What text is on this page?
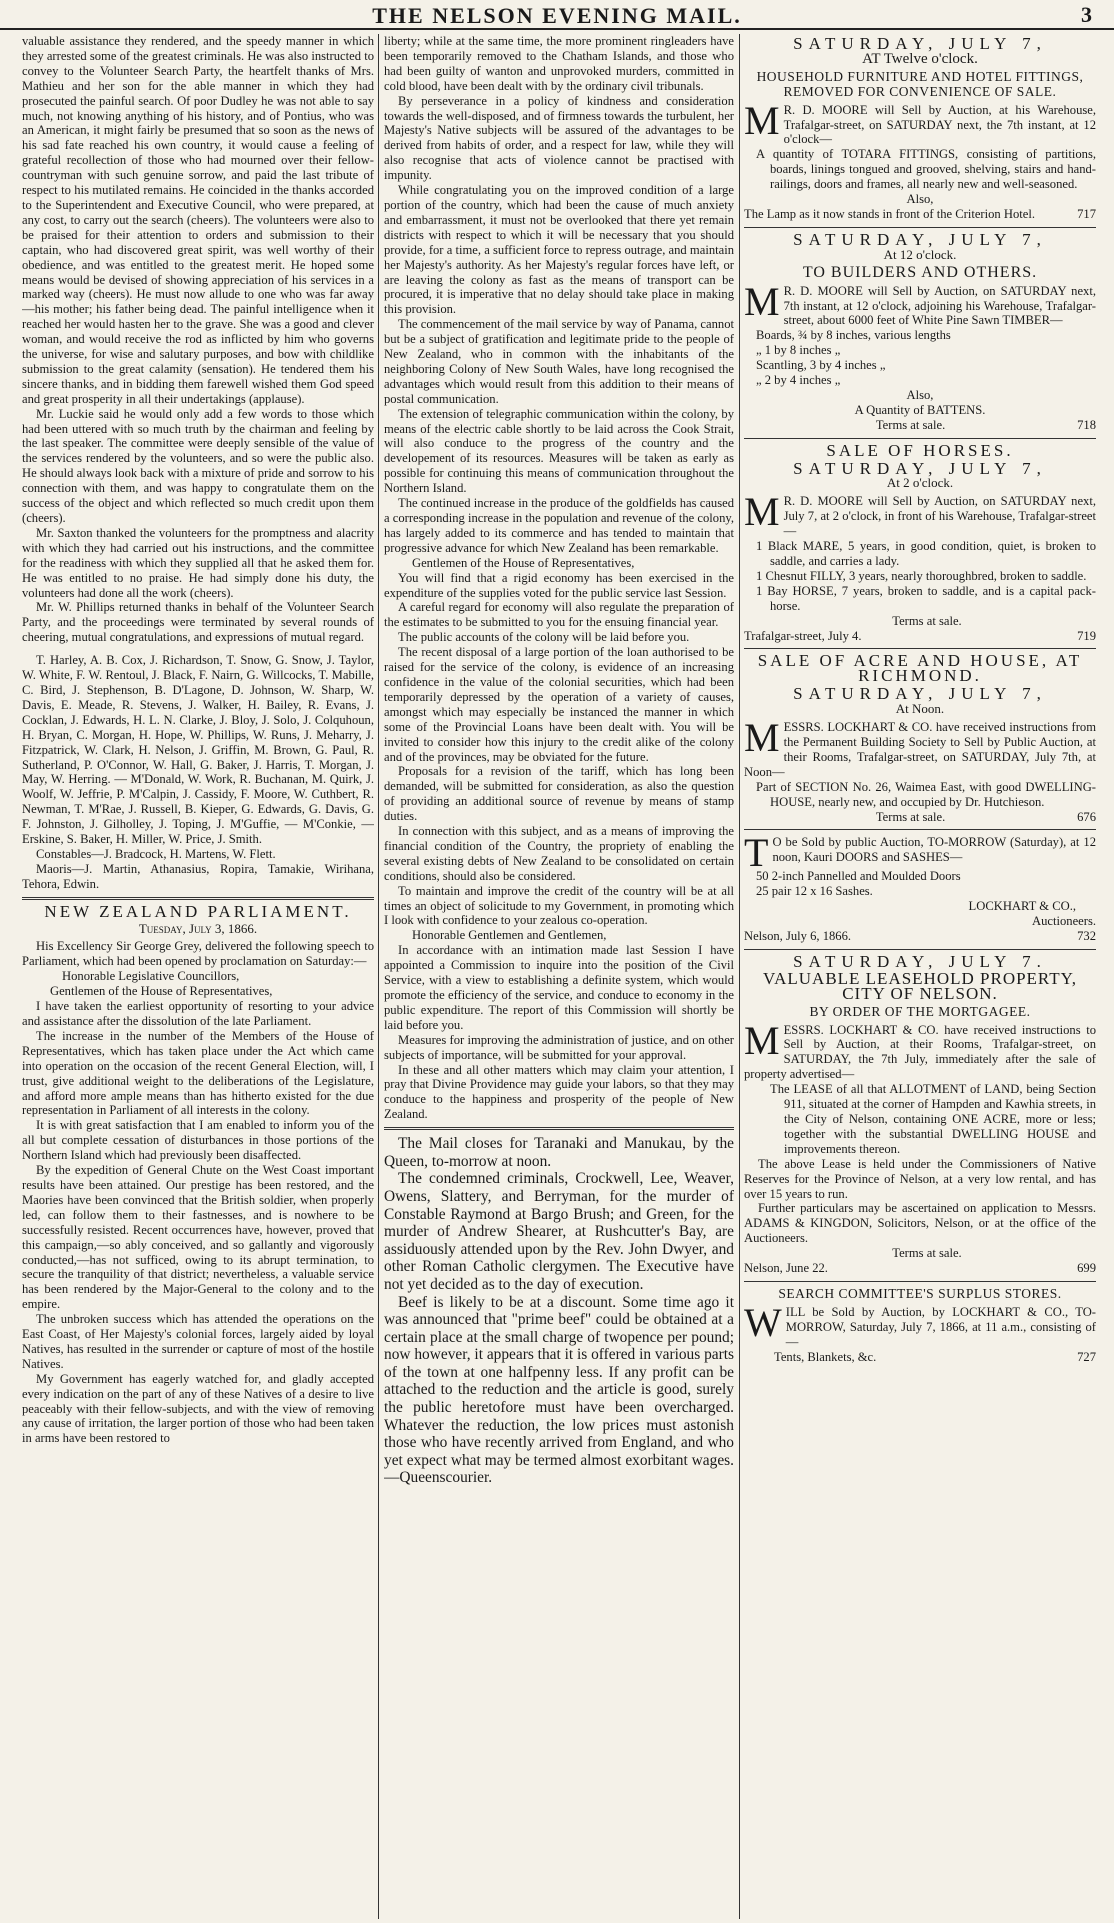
THE NELSON EVENING MAIL.	3

valuable assistance they rendered, and the speedy manner in which they arrested some of the greatest criminals. He was also instructed to convey to the Volunteer Search Party, the heartfelt thanks of Mrs. Mathieu and her son for the able manner in which they had prosecuted the painful search. Of poor Dudley he was not able to say much, not knowing anything of his history, and of Pontius, who was an American, it might fairly be presumed that so soon as the news of his sad fate reached his own country, it would cause a feeling of grateful recollection of those who had mourned over their fellow-countryman with such genuine sorrow, and paid the last tribute of respect to his mutilated remains. He coincided in the thanks accorded to the Superintendent and Executive Council, who were prepared, at any cost, to carry out the search (cheers). The volunteers were also to be praised for their attention to orders and submission to their captain, who had discovered great spirit, was well worthy of their obedience, and was entitled to the greatest merit. He hoped some means would be devised of showing appreciation of his services in a marked way (cheers). He must now allude to one who was far away—his mother; his father being dead. The painful intelligence when it reached her would hasten her to the grave. She was a good and clever woman, and would receive the rod as inflicted by him who governs the universe, for wise and salutary purposes, and bow with childlike submission to the great calamity (sensation). He tendered them his sincere thanks, and in bidding them farewell wished them God speed and great prosperity in all their undertakings (applause).

Mr. Luckie said he would only add a few words to those which had been uttered with so much truth by the chairman and feeling by the last speaker. The committee were deeply sensible of the value of the services rendered by the volunteers, and so were the public also. He should always look back with a mixture of pride and sorrow to his connection with them, and was happy to congratulate them on the success of the object and which reflected so much credit upon them (cheers).

Mr. Saxton thanked the volunteers for the promptness and alacrity with which they had carried out his instructions, and the committee for the readiness with which they supplied all that he asked them for. He was entitled to no praise. He had simply done his duty, the volunteers had done all the work (cheers).

Mr. W. Phillips returned thanks in behalf of the Volunteer Search Party, and the proceedings were terminated by several rounds of cheering, mutual congratulations, and expressions of mutual regard.

T. Harley, A. B. Cox, J. Richardson, T. Snow, G. Snow, J. Taylor, W. White, F. W. Rentoul, J. Black, F. Nairn, G. Willcocks, T. Mabille, C. Bird, J. Stephenson, B. D'Lagone, D. Johnson, W. Sharp, W. Davis, E. Meade, R. Stevens, J. Walker, H. Bailey, R. Evans, J. Cocklan, J. Edwards, H. L. N. Clarke, J. Bloy, J. Solo, J. Colquhoun, H. Bryan, C. Morgan, H. Hope, W. Phillips, W. Runs, J. Meharry, J. Fitzpatrick, W. Clark, H. Nelson, J. Griffin, M. Brown, G. Paul, R. Sutherland, P. O'Connor, W. Hall, G. Baker, J. Harris, T. Morgan, J. May, W. Herring. — M'Donald, W. Work, R. Buchanan, M. Quirk, J. Woolf, W. Jeffrie, P. M'Calpin, J. Cassidy, F. Moore, W. Cuthbert, R. Newman, T. M'Rae, J. Russell, B. Kieper, G. Edwards, G. Davis, G. F. Johnston, J. Gilholley, J. Toping, J. M'Guffie, — M'Conkie, — Erskine, S. Baker, H. Miller, W. Price, J. Smith.

Constables—J. Bradcock, H. Martens, W. Flett.

Maoris—J. Martin, Athanasius, Ropira, Tamakie, Wirihana, Tehora, Edwin.

NEW ZEALAND PARLIAMENT.
Tuesday, July 3, 1866.

His Excellency Sir George Grey, delivered the following speech to Parliament, which had been opened by proclamation on Saturday:—

Honorable Legislative Councillors,

Gentlemen of the House of Representatives,

I have taken the earliest opportunity of resorting to your advice and assistance after the dissolution of the late Parliament.

The increase in the number of the Members of the House of Representatives, which has taken place under the Act which came into operation on the occasion of the recent General Election, will, I trust, give additional weight to the deliberations of the Legislature, and afford more ample means than has hitherto existed for the due representation in Parliament of all interests in the colony.

It is with great satisfaction that I am enabled to inform you of the all but complete cessation of disturbances in those portions of the Northern Island which had previously been disaffected.

By the expedition of General Chute on the West Coast important results have been attained. Our prestige has been restored, and the Maories have been convinced that the British soldier, when properly led, can follow them to their fastnesses, and is nowhere to be successfully resisted. Recent occurrences have, however, proved that this campaign,—so ably conceived, and so gallantly and vigorously conducted,—has not sufficed, owing to its abrupt termination, to secure the tranquility of that district; nevertheless, a valuable service has been rendered by the Major-General to the colony and to the empire.

The unbroken success which has attended the operations on the East Coast, of Her Majesty's colonial forces, largely aided by loyal Natives, has resulted in the surrender or capture of most of the hostile Natives.

My Government has eagerly watched for, and gladly accepted every indication on the part of any of these Natives of a desire to live peaceably with their fellow-subjects, and with the view of removing any cause of irritation, the larger portion of those who had been taken in arms have been restored to

liberty; while at the same time, the more prominent ringleaders have been temporarily removed to the Chatham Islands, and those who had been guilty of wanton and unprovoked murders, committed in cold blood, have been dealt with by the ordinary civil tribunals.

By perseverance in a policy of kindness and consideration towards the well-disposed, and of firmness towards the turbulent, her Majesty's Native subjects will be assured of the advantages to be derived from habits of order, and a respect for law, while they will also recognise that acts of violence cannot be practised with impunity.

While congratulating you on the improved condition of a large portion of the country, which had been the cause of much anxiety and embarrassment, it must not be overlooked that there yet remain districts with respect to which it will be necessary that you should provide, for a time, a sufficient force to repress outrage, and maintain her Majesty's authority. As her Majesty's regular forces have left, or are leaving the colony as fast as the means of transport can be procured, it is imperative that no delay should take place in making this provision.

The commencement of the mail service by way of Panama, cannot but be a subject of gratification and legitimate pride to the people of New Zealand, who in common with the inhabitants of the neighboring Colony of New South Wales, have long recognised the advantages which would result from this addition to their means of postal communication.

The extension of telegraphic communication within the colony, by means of the electric cable shortly to be laid across the Cook Strait, will also conduce to the progress of the country and the developement of its resources. Measures will be taken as early as possible for continuing this means of communication throughout the Northern Island.

The continued increase in the produce of the goldfields has caused a corresponding increase in the population and revenue of the colony, has largely added to its commerce and has tended to maintain that progressive advance for which New Zealand has been remarkable.

Gentlemen of the House of Representatives,

You will find that a rigid economy has been exercised in the expenditure of the supplies voted for the public service last Session.

A careful regard for economy will also regulate the preparation of the estimates to be submitted to you for the ensuing financial year.

The public accounts of the colony will be laid before you.

The recent disposal of a large portion of the loan authorised to be raised for the service of the colony, is evidence of an increasing confidence in the value of the colonial securities, which had been temporarily depressed by the operation of a variety of causes, amongst which may especially be instanced the manner in which some of the Provincial Loans have been dealt with. You will be invited to consider how this injury to the credit alike of the colony and of the provinces, may be obviated for the future.

Proposals for a revision of the tariff, which has long been demanded, will be submitted for consideration, as also the question of providing an additional source of revenue by means of stamp duties.

In connection with this subject, and as a means of improving the financial condition of the Country, the propriety of enabling the several existing debts of New Zealand to be consolidated on certain conditions, should also be considered.

To maintain and improve the credit of the country will be at all times an object of solicitude to my Government, in promoting which I look with confidence to your zealous co-operation.

Honorable Gentlemen and Gentlemen,

In accordance with an intimation made last Session I have appointed a Commission to inquire into the position of the Civil Service, with a view to establishing a definite system, which would promote the efficiency of the service, and conduce to economy in the public expenditure. The report of this Commission will shortly be laid before you.

Measures for improving the administration of justice, and on other subjects of importance, will be submitted for your approval.

In these and all other matters which may claim your attention, I pray that Divine Providence may guide your labors, so that they may conduce to the happiness and prosperity of the people of New Zealand.

The Mail closes for Taranaki and Manukau, by the Queen, to-morrow at noon.

The condemned criminals, Crockwell, Lee, Weaver, Owens, Slattery, and Berryman, for the murder of Constable Raymond at Bargo Brush; and Green, for the murder of Andrew Shearer, at Rushcutter's Bay, are assiduously attended upon by the Rev. John Dwyer, and other Roman Catholic clergymen. The Executive have not yet decided as to the day of execution.

Beef is likely to be at a discount. Some time ago it was announced that "prime beef" could be obtained at a certain place at the small charge of twopence per pound; now however, it appears that it is offered in various parts of the town at one halfpenny less. If any profit can be attached to the reduction and the article is good, surely the public heretofore must have been overcharged. Whatever the reduction, the low prices must astonish those who have recently arrived from England, and who yet expect what may be termed almost exorbitant wages.—Queenscourier.

SATURDAY, JULY 7,
AT Twelve o'clock.
HOUSEHOLD FURNITURE AND HOTEL FITTINGS, REMOVED FOR CONVENIENCE OF SALE.

M R. D. MOORE will Sell by Auction, at his Warehouse, Trafalgar-street, on SATURDAY next, the 7th instant, at 12 o'clock—

A quantity of TOTARA FITTINGS, consisting of partitions, boards, linings tongued and grooved, shelving, stairs and hand-railings, doors and frames, all nearly new and well-seasoned.

Also,

The Lamp as it now stands in front of the Criterion Hotel.	717

SATURDAY, JULY 7,
At 12 o'clock.
TO BUILDERS AND OTHERS.

M R. D. MOORE will Sell by Auction, on SATURDAY next, 7th instant, at 12 o'clock, adjoining his Warehouse, Trafalgar-street, about 6000 feet of White Pine Sawn TIMBER—

Boards, ¾ by 8 inches, various lengths

„ 1 by 8 inches „

Scantling, 3 by 4 inches „

„ 2 by 4 inches „

Also,

A Quantity of BATTENS.

Terms at sale.	718

SALE OF HORSES.
SATURDAY, JULY 7,
At 2 o'clock.

M R. D. MOORE will Sell by Auction, on SATURDAY next, July 7, at 2 o'clock, in front of his Warehouse, Trafalgar-street—

1 Black MARE, 5 years, in good condition, quiet, is broken to saddle, and carries a lady.

1 Chesnut FILLY, 3 years, nearly thoroughbred, broken to saddle.

1 Bay HORSE, 7 years, broken to saddle, and is a capital pack-horse.

Terms at sale.

Trafalgar-street, July 4.	719

SALE OF ACRE AND HOUSE, AT RICHMOND.
SATURDAY, JULY 7,
At Noon.

MESSRS. LOCKHART & CO. have received instructions from the Permanent Building Society to Sell by Public Auction, at their Rooms, Trafalgar-street, on SATURDAY, July 7th, at Noon—

Part of SECTION No. 26, Waimea East, with good DWELLING-HOUSE, nearly new, and occupied by Dr. Hutchieson.

Terms at sale.	676

T O be Sold by public Auction, TO-MORROW (Saturday), at 12 noon, Kauri DOORS and SASHES—

50 2-inch Pannelled and Moulded Doors

25 pair 12 x 16 Sashes.

LOCKHART & CO.,

Auctioneers.

Nelson, July 6, 1866.	732

SATURDAY, JULY 7.
VALUABLE LEASEHOLD PROPERTY, CITY OF NELSON.
BY ORDER OF THE MORTGAGEE.

MESSRS. LOCKHART & CO. have received instructions to Sell by Auction, at their Rooms, Trafalgar-street, on SATURDAY, the 7th July, immediately after the sale of property advertised—

The LEASE of all that ALLOTMENT of LAND, being Section 911, situated at the corner of Hampden and Kawhia streets, in the City of Nelson, containing ONE ACRE, more or less; together with the substantial DWELLING HOUSE and improvements thereon.

The above Lease is held under the Commissioners of Native Reserves for the Province of Nelson, at a very low rental, and has over 15 years to run.

Further particulars may be ascertained on application to Messrs. ADAMS & KINGDON, Solicitors, Nelson, or at the office of the Auctioneers.

Terms at sale.

Nelson, June 22.	699

SEARCH COMMITTEE'S SURPLUS STORES.

WILL be Sold by Auction, by LOCKHART & CO., TO-MORROW, Saturday, July 7, 1866, at 11 a.m., consisting of—

Tents, Blankets, &c.	727
